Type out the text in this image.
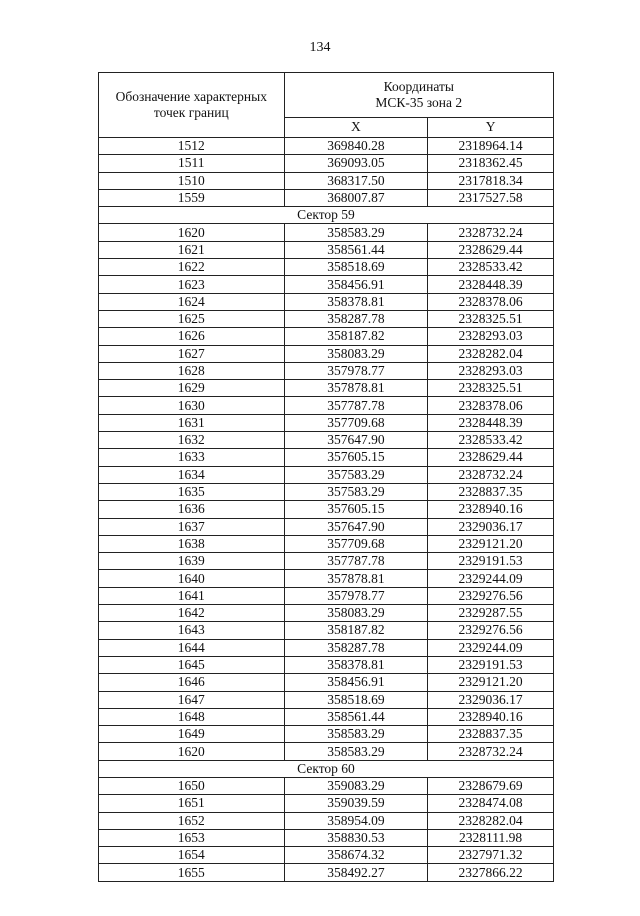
134
Обозначение характерных точек границ	Координаты
МСК-35 зона 2	
	X	Y
1512	369840.28	2318964.14
1511	369093.05	2318362.45
1510	368317.50	2317818.34
1559	368007.87	2317527.58
Сектор 59		
1620	358583.29	2328732.24
1621	358561.44	2328629.44
1622	358518.69	2328533.42
1623	358456.91	2328448.39
1624	358378.81	2328378.06
1625	358287.78	2328325.51
1626	358187.82	2328293.03
1627	358083.29	2328282.04
1628	357978.77	2328293.03
1629	357878.81	2328325.51
1630	357787.78	2328378.06
1631	357709.68	2328448.39
1632	357647.90	2328533.42
1633	357605.15	2328629.44
1634	357583.29	2328732.24
1635	357583.29	2328837.35
1636	357605.15	2328940.16
1637	357647.90	2329036.17
1638	357709.68	2329121.20
1639	357787.78	2329191.53
1640	357878.81	2329244.09
1641	357978.77	2329276.56
1642	358083.29	2329287.55
1643	358187.82	2329276.56
1644	358287.78	2329244.09
1645	358378.81	2329191.53
1646	358456.91	2329121.20
1647	358518.69	2329036.17
1648	358561.44	2328940.16
1649	358583.29	2328837.35
1620	358583.29	2328732.24
Сектор 60		
1650	359083.29	2328679.69
1651	359039.59	2328474.08
1652	358954.09	2328282.04
1653	358830.53	2328111.98
1654	358674.32	2327971.32
1655	358492.27	2327866.22
